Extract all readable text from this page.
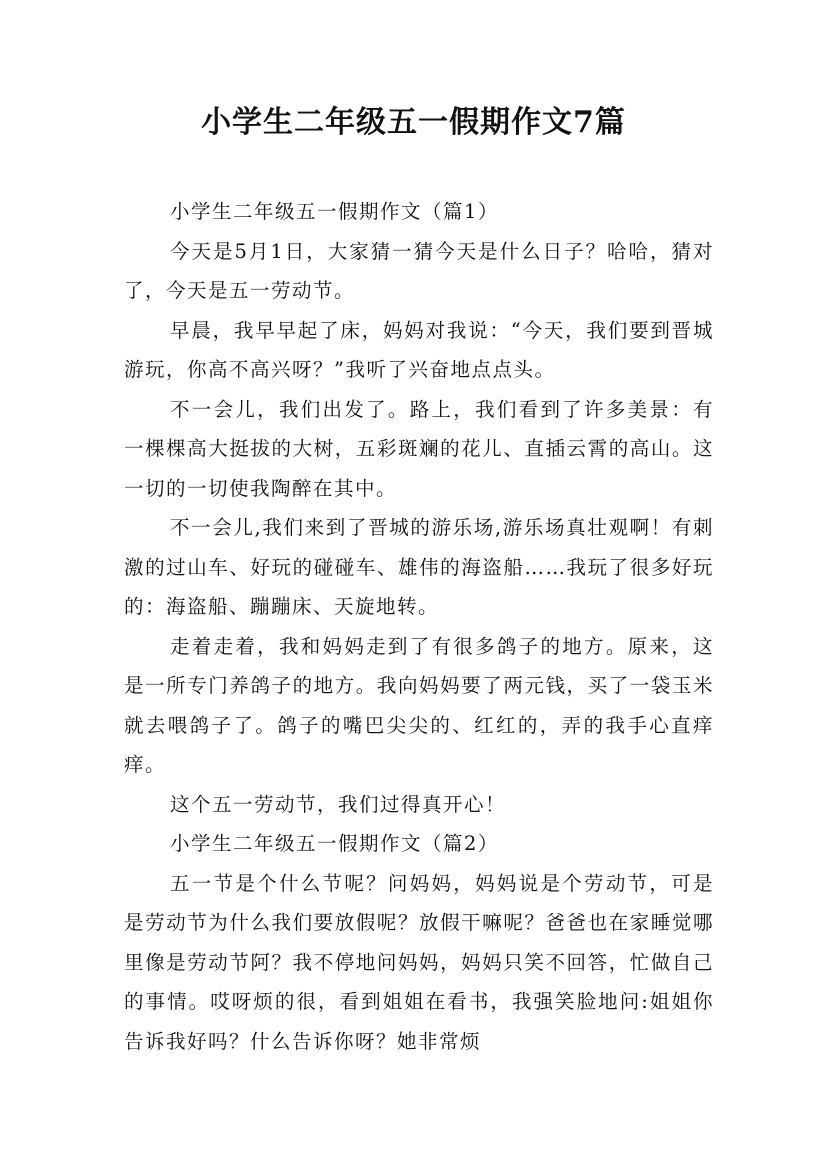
小学生二年级五一假期作文7篇

小学生二年级五一假期作文（篇1）

今天是5月1日，大家猜一猜今天是什么日子？哈哈，猜对了，今天是五一劳动节。

早晨，我早早起了床，妈妈对我说：“今天，我们要到晋城游玩，你高不高兴呀？”我听了兴奋地点点头。

不一会儿，我们出发了。路上，我们看到了许多美景：有一棵棵高大挺拔的大树，五彩斑斓的花儿、直插云霄的高山。这一切的一切使我陶醉在其中。

不一会儿,我们来到了晋城的游乐场,游乐场真壮观啊！有刺激的过山车、好玩的碰碰车、雄伟的海盗船……我玩了很多好玩的：海盗船、蹦蹦床、天旋地转。

走着走着，我和妈妈走到了有很多鸽子的地方。原来，这是一所专门养鸽子的地方。我向妈妈要了两元钱，买了一袋玉米就去喂鸽子了。鸽子的嘴巴尖尖的、红红的，弄的我手心直痒痒。

这个五一劳动节，我们过得真开心！

小学生二年级五一假期作文（篇2）

五一节是个什么节呢？问妈妈，妈妈说是个劳动节，可是是劳动节为什么我们要放假呢？放假干嘛呢？爸爸也在家睡觉哪里像是劳动节阿？我不停地问妈妈，妈妈只笑不回答，忙做自己的事情。哎呀烦的很，看到姐姐在看书，我强笑脸地问:姐姐你告诉我好吗？什么告诉你呀？她非常烦
